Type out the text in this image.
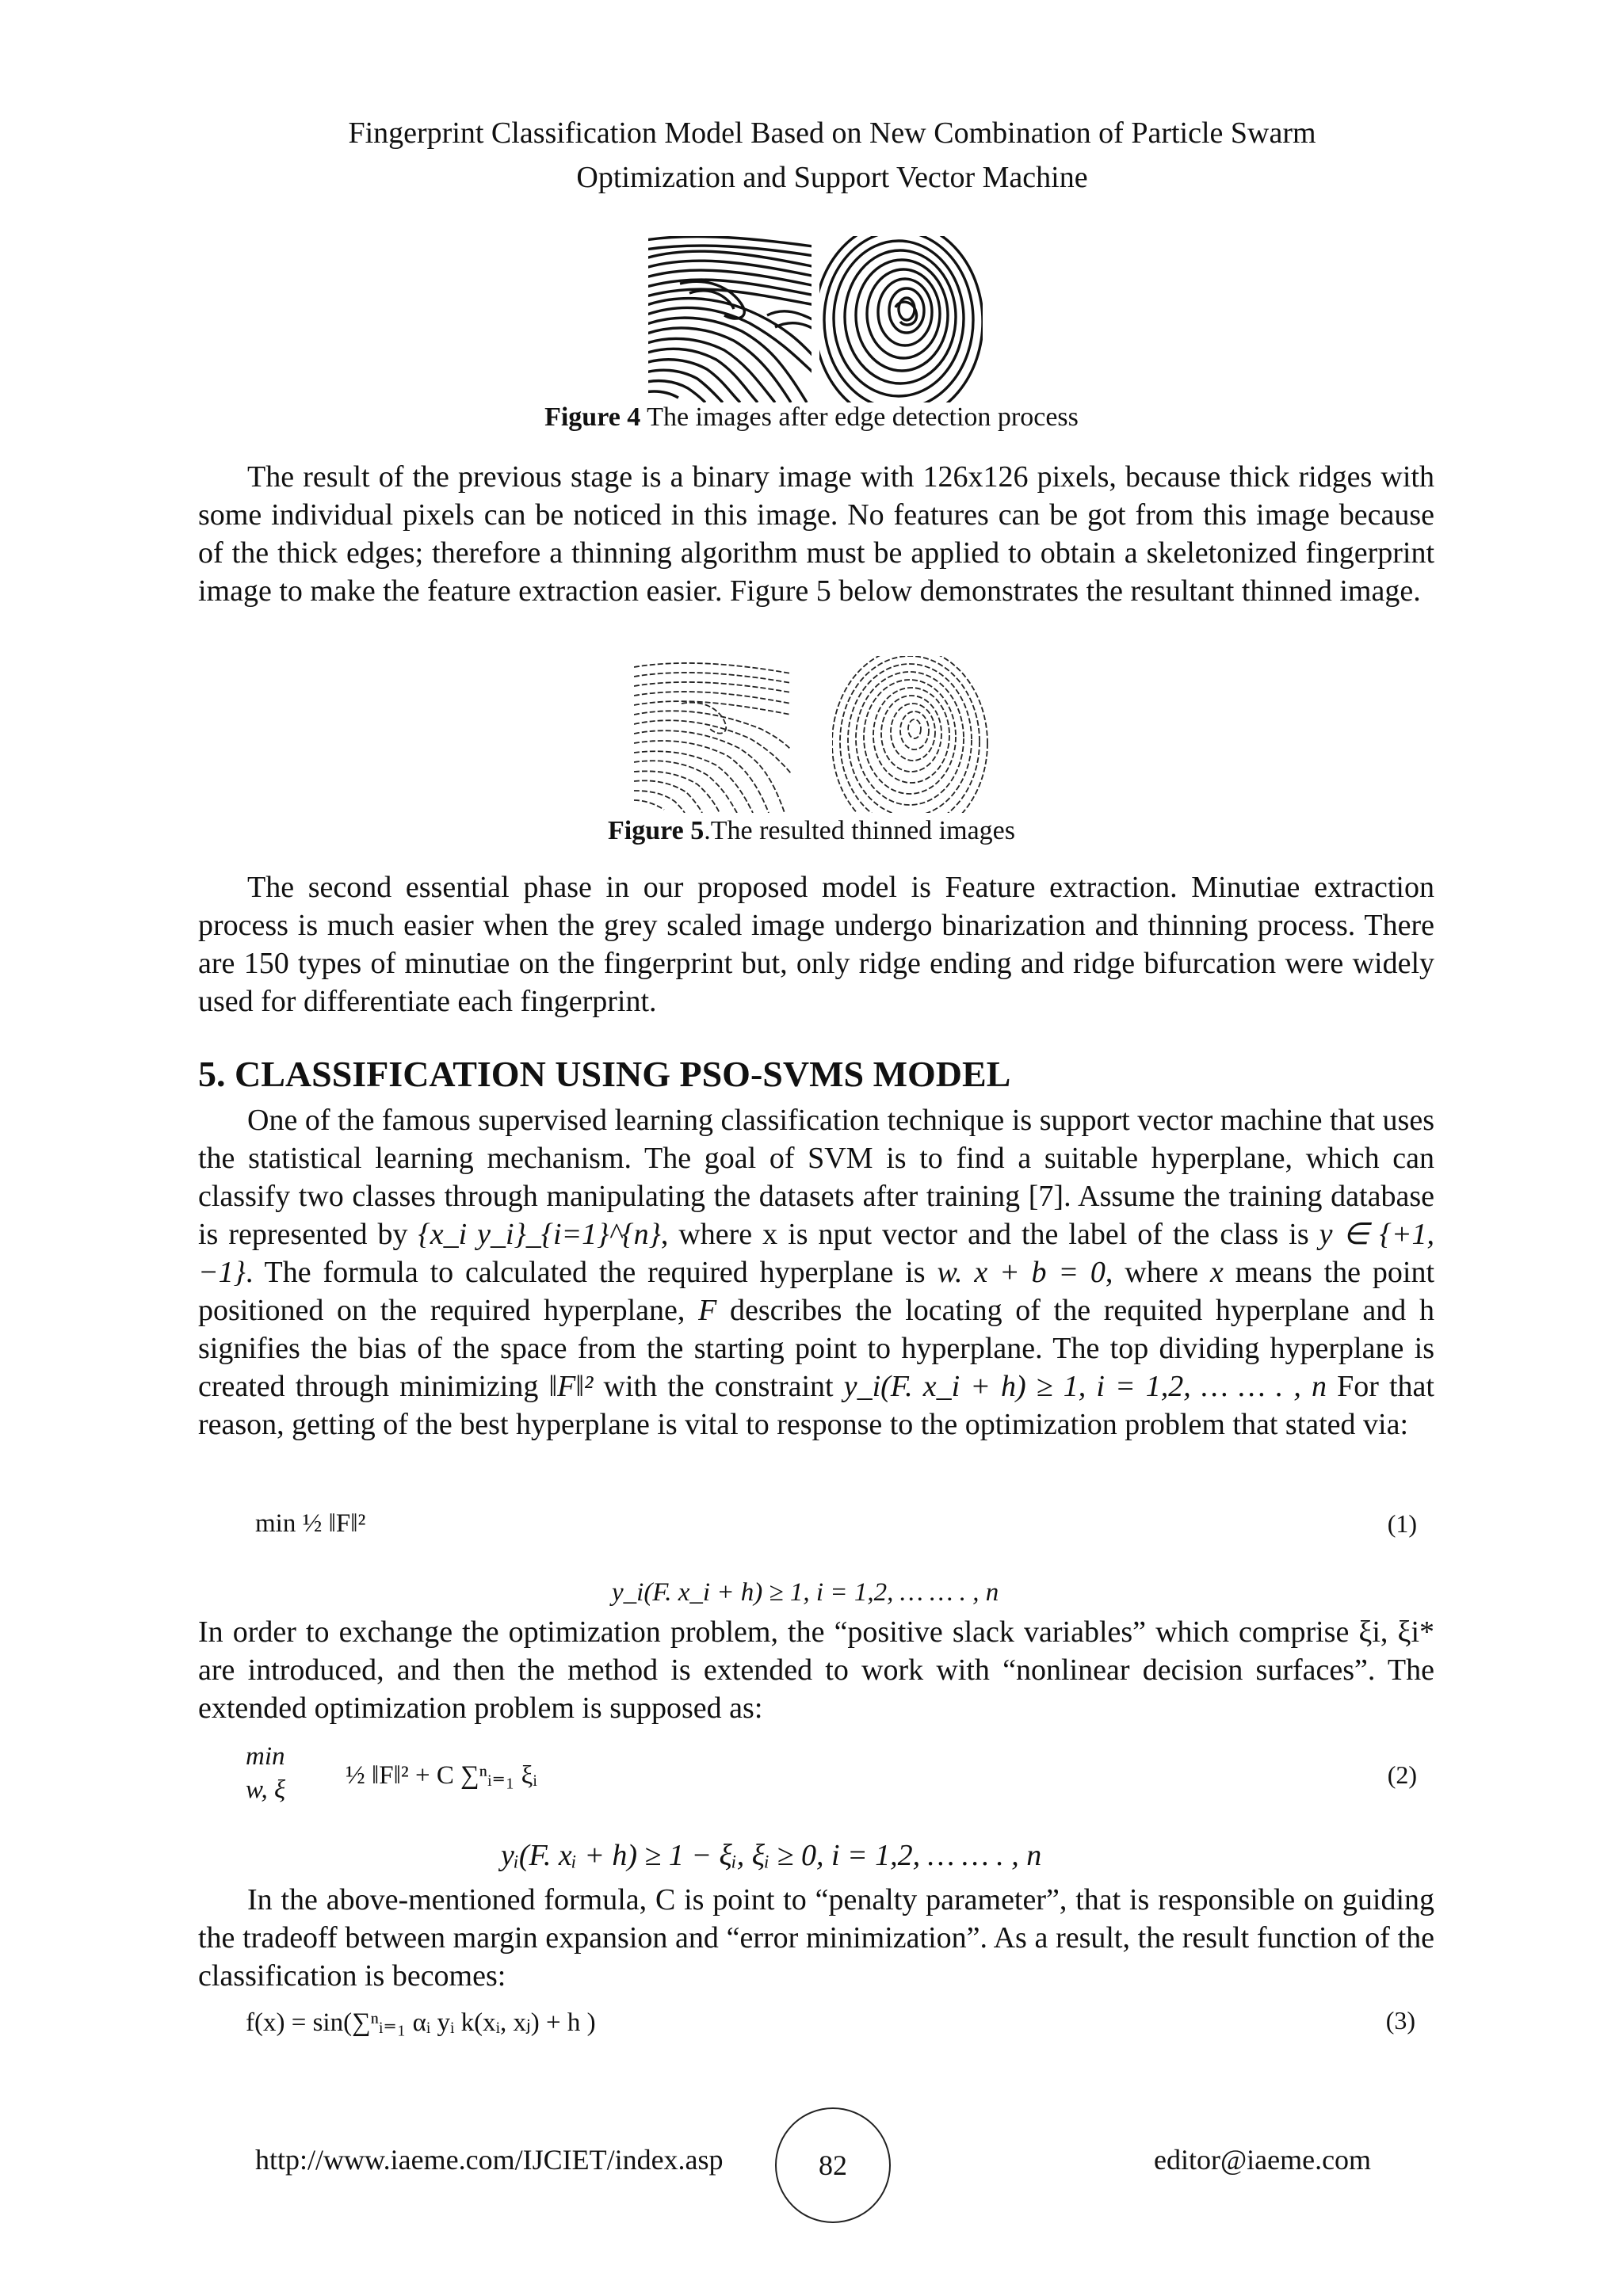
Fingerprint Classification Model Based on New Combination of Particle Swarm
Optimization and Support Vector Machine
Figure 4 The images after edge detection process
The result of the previous stage is a binary image with 126x126 pixels, because thick ridges with some individual pixels can be noticed in this image. No features can be got from this image because of the thick edges; therefore a thinning algorithm must be applied to obtain a skeletonized fingerprint image to make the feature extraction easier. Figure 5 below demonstrates the resultant thinned image.
Figure 5.The resulted thinned images
The second essential phase in our proposed model is Feature extraction. Minutiae extraction process is much easier when the grey scaled image undergo binarization and thinning process. There are 150 types of minutiae on the fingerprint but, only ridge ending and ridge bifurcation were widely used for differentiate each fingerprint.
5. CLASSIFICATION USING PSO-SVMS MODEL
One of the famous supervised learning classification technique is support vector machine that uses the statistical learning mechanism. The goal of SVM is to find a suitable hyperplane, which can classify two classes through manipulating the datasets after training [7]. Assume the training database is represented by {x_i y_i}_{i=1}^{n}, where x is nput vector and the label of the class is y ∈ {+1, −1}. The formula to calculated the required hyperplane is w. x + b = 0, where x means the point positioned on the required hyperplane, F describes the locating of the requited hyperplane and h signifies the bias of the space from the starting point to hyperplane. The top dividing hyperplane is created through minimizing ‖F‖² with the constraint y_i(F. x_i + h) ≥ 1, i = 1,2, … … . , n For that reason, getting of the best hyperplane is vital to response to the optimization problem that stated via:
min ½ ‖F‖²	(1)
y_i(F. x_i + h) ≥ 1, i = 1,2, … … . , n
In order to exchange the optimization problem, the “positive slack variables” which comprise ξi, ξi* are introduced, and then the method is extended to work with “nonlinear decision surfaces”. The extended optimization problem is supposed as:
min
w, ξ ½ ‖F‖² + C ∑ⁿᵢ₌₁ ξᵢ	(2)
yᵢ(F. xᵢ + h) ≥ 1 − ξᵢ, ξᵢ ≥ 0, i = 1,2, … … . , n
In the above-mentioned formula, C is point to “penalty parameter”, that is responsible on guiding the tradeoff between margin expansion and “error minimization”. As a result, the result function of the classification is becomes:
f(x) = sin(∑ⁿᵢ₌₁ αᵢ yᵢ k(xᵢ, xⱼ) + h )	(3)
http://www.iaeme.com/IJCIET/index.asp	82	editor@iaeme.com
